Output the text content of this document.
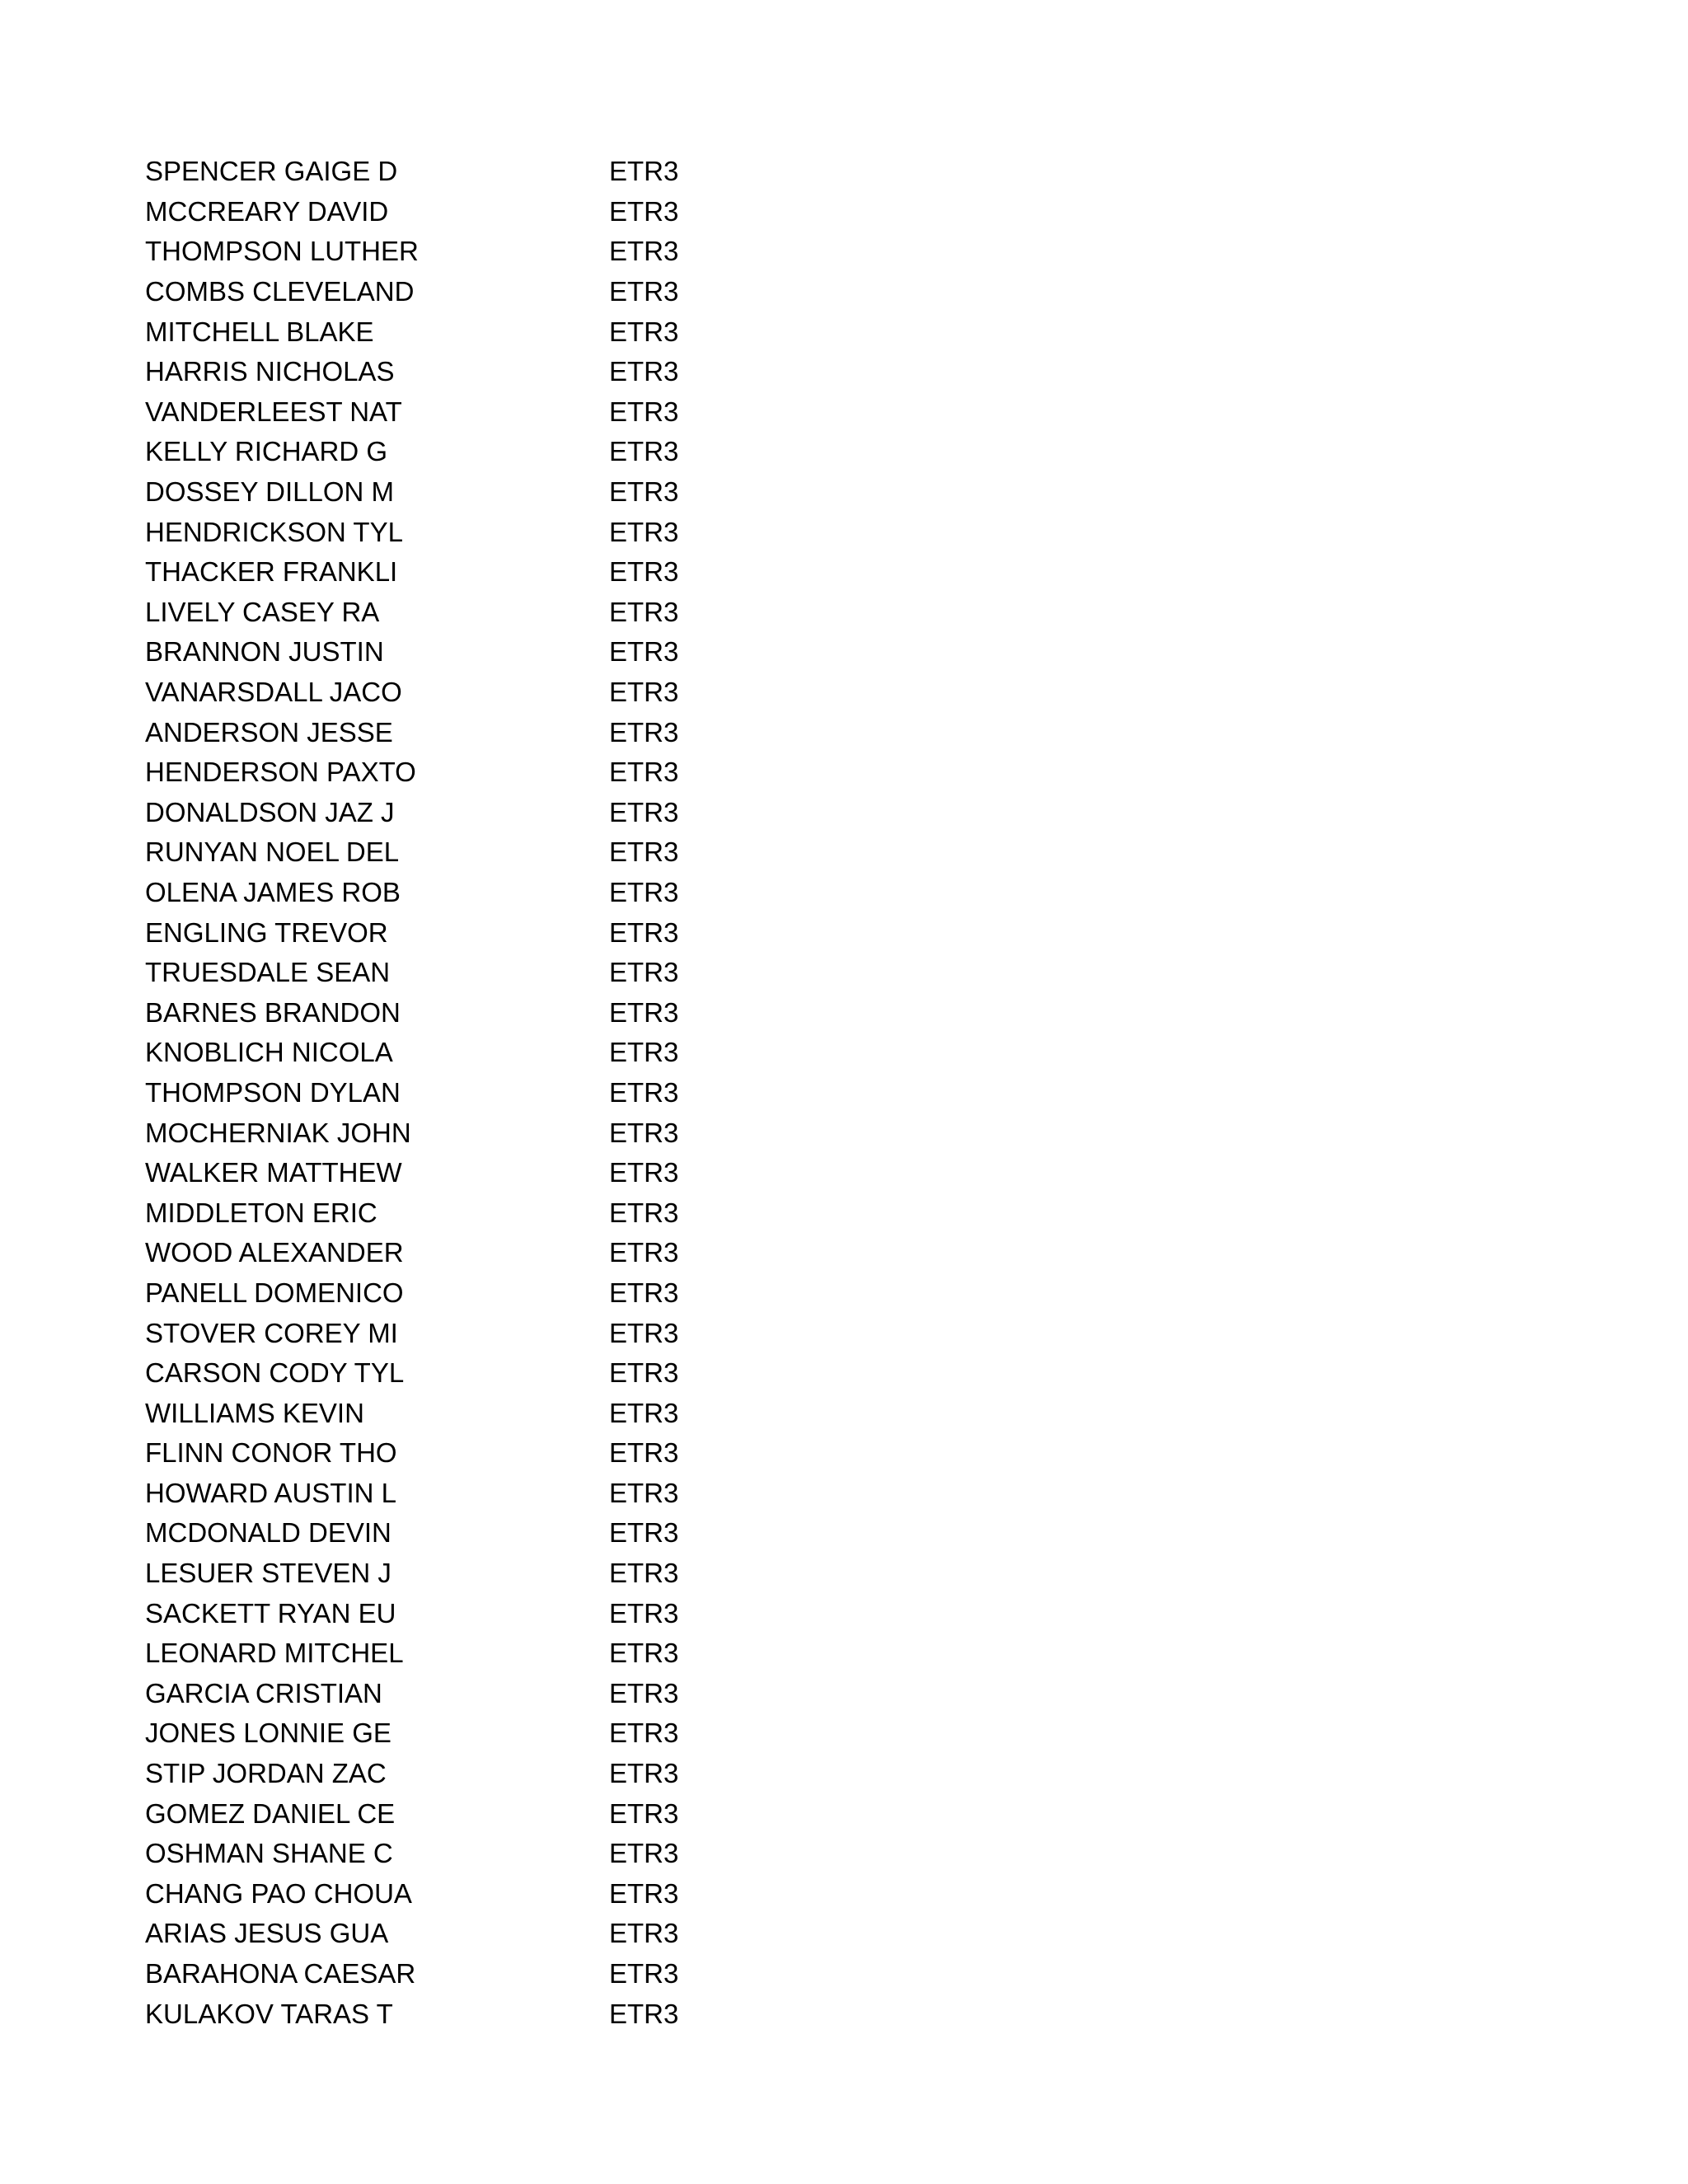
SPENCER GAIGE D	ETR3
MCCREARY DAVID	ETR3
THOMPSON LUTHER	ETR3
COMBS CLEVELAND	ETR3
MITCHELL BLAKE	ETR3
HARRIS NICHOLAS	ETR3
VANDERLEEST NAT	ETR3
KELLY RICHARD G	ETR3
DOSSEY DILLON M	ETR3
HENDRICKSON TYL	ETR3
THACKER FRANKLI	ETR3
LIVELY CASEY RA	ETR3
BRANNON JUSTIN	ETR3
VANARSDALL JACO	ETR3
ANDERSON JESSE	ETR3
HENDERSON PAXTO	ETR3
DONALDSON JAZ J	ETR3
RUNYAN NOEL DEL	ETR3
OLENA JAMES ROB	ETR3
ENGLING TREVOR	ETR3
TRUESDALE SEAN	ETR3
BARNES BRANDON	ETR3
KNOBLICH NICOLA	ETR3
THOMPSON DYLAN	ETR3
MOCHERNIAK JOHN	ETR3
WALKER MATTHEW	ETR3
MIDDLETON ERIC	ETR3
WOOD ALEXANDER	ETR3
PANELL DOMENICO	ETR3
STOVER COREY MI	ETR3
CARSON CODY TYL	ETR3
WILLIAMS KEVIN	ETR3
FLINN CONOR THO	ETR3
HOWARD AUSTIN L	ETR3
MCDONALD DEVIN	ETR3
LESUER STEVEN J	ETR3
SACKETT RYAN EU	ETR3
LEONARD MITCHEL	ETR3
GARCIA CRISTIAN	ETR3
JONES LONNIE GE	ETR3
STIP JORDAN ZAC	ETR3
GOMEZ DANIEL CE	ETR3
OSHMAN SHANE C	ETR3
CHANG PAO CHOUA	ETR3
ARIAS JESUS GUA	ETR3
BARAHONA CAESAR	ETR3
KULAKOV TARAS T	ETR3
